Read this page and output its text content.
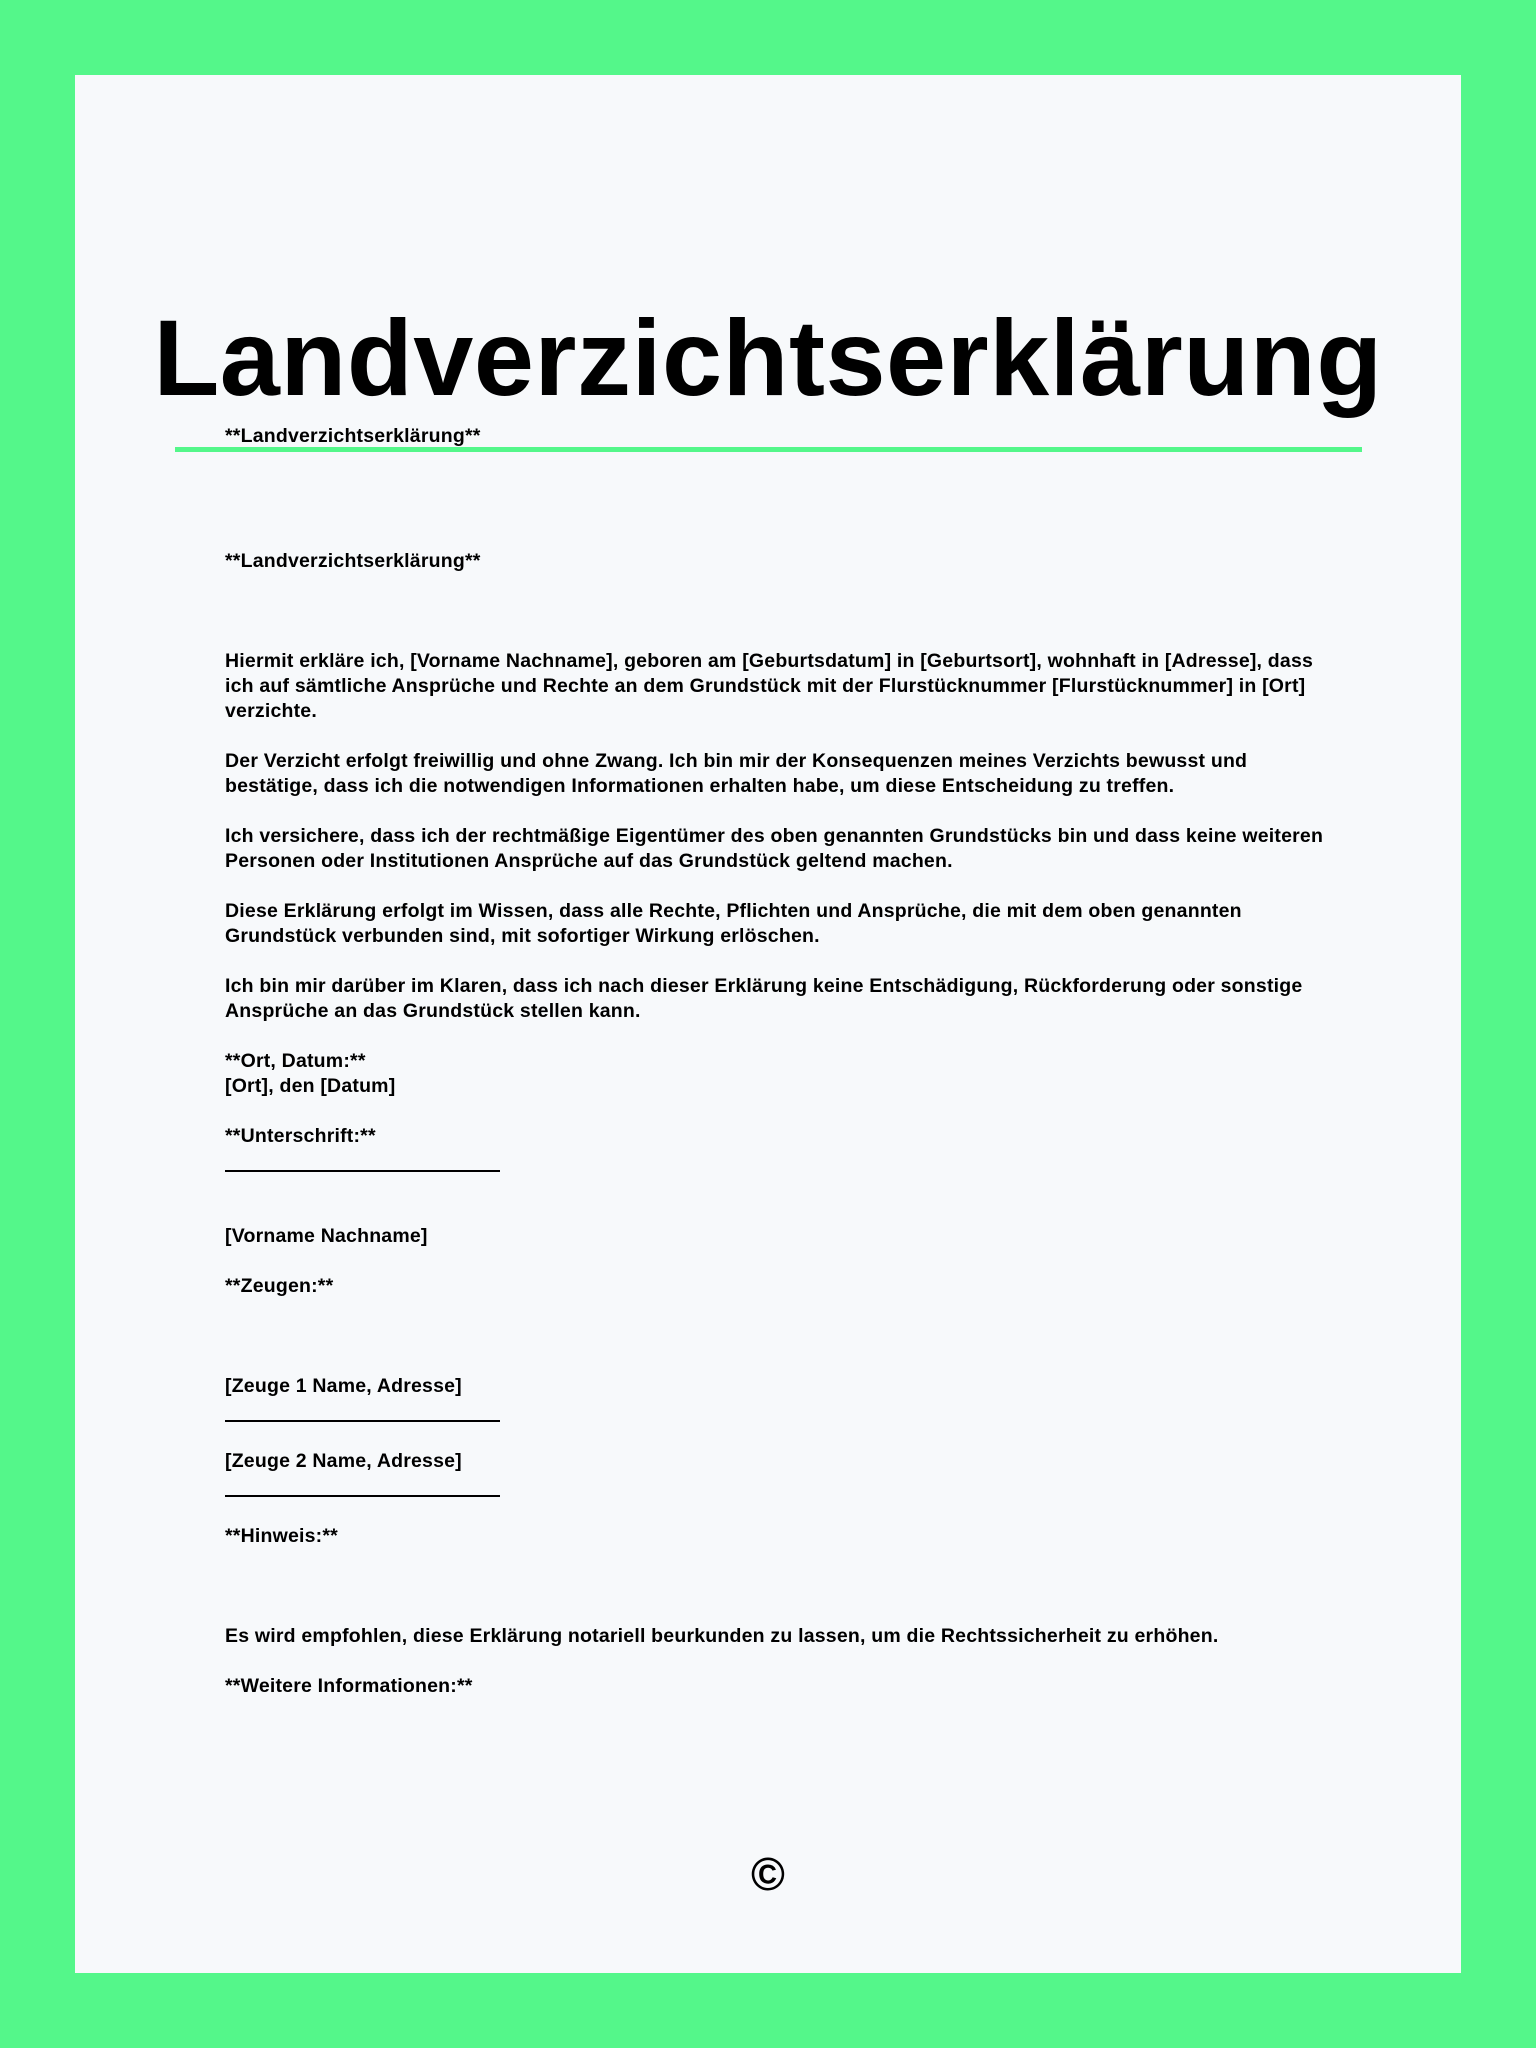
Landverzichtserklärung
**Landverzichtserklärung**
**Landverzichtserklärung**
Hiermit erkläre ich, [Vorname Nachname], geboren am [Geburtsdatum] in [Geburtsort], wohnhaft in [Adresse], dass
ich auf sämtliche Ansprüche und Rechte an dem Grundstück mit der Flurstücknummer [Flurstücknummer] in [Ort]
verzichte.
Der Verzicht erfolgt freiwillig und ohne Zwang. Ich bin mir der Konsequenzen meines Verzichts bewusst und
bestätige, dass ich die notwendigen Informationen erhalten habe, um diese Entscheidung zu treffen.
Ich versichere, dass ich der rechtmäßige Eigentümer des oben genannten Grundstücks bin und dass keine weiteren
Personen oder Institutionen Ansprüche auf das Grundstück geltend machen.
Diese Erklärung erfolgt im Wissen, dass alle Rechte, Pflichten und Ansprüche, die mit dem oben genannten
Grundstück verbunden sind, mit sofortiger Wirkung erlöschen.
Ich bin mir darüber im Klaren, dass ich nach dieser Erklärung keine Entschädigung, Rückforderung oder sonstige
Ansprüche an das Grundstück stellen kann.
**Ort, Datum:**
[Ort], den [Datum]
**Unterschrift:**
[Vorname Nachname]
**Zeugen:**
[Zeuge 1 Name, Adresse]
[Zeuge 2 Name, Adresse]
**Hinweis:**
Es wird empfohlen, diese Erklärung notariell beurkunden zu lassen, um die Rechtssicherheit zu erhöhen.
**Weitere Informationen:**
©
